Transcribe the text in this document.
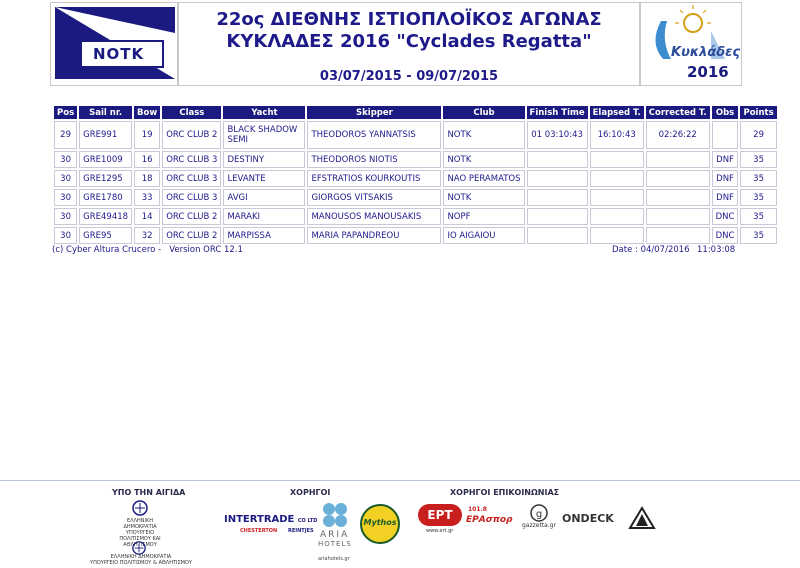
NOTK
22ος ΔΙΕΘΝΗΣ ΙΣΤΙΟΠΛΟΪΚΟΣ ΑΓΩΝΑΣ
ΚΥΚΛΑΔΕΣ 2016 "Cyclades Regatta"
03/07/2015 - 09/07/2015
Κυκλάδες
2016
Pos	Sail nr.	Bow	Class	Yacht	Skipper	Club	Finish Time	Elapsed T.	Corrected T.	Obs	Points
29	GRE991	19	ORC CLUB 2	BLACK SHADOW SEMI	THEODOROS YANNATSIS	NOTK	01 03:10:43	16:10:43	02:26:22		29
30	GRE1009	16	ORC CLUB 3	DESTINY	THEODOROS NIOTIS	NOTK				DNF	35
30	GRE1295	18	ORC CLUB 3	LEVANTE	EFSTRATIOS KOURKOUTIS	NAO PERAMATOS				DNF	35
30	GRE1780	33	ORC CLUB 3	AVGI	GIORGOS VITSAKIS	NOTK				DNF	35
30	GRE49418	14	ORC CLUB 2	MARAKI	MANOUSOS MANOUSAKIS	NOPF				DNC	35
30	GRE95	32	ORC CLUB 2	MARPISSA	MARIA PAPANDREOU	IO AIGAIOU				DNC	35
(c) Cyber Altura Crucero -   Version ORC 12.1	Date : 04/07/2016 11:03:08
ΥΠΟ ΤΗΝ ΑΙΓΙΔΑ
ΕΛΛΗΝΙΚΗ ΔΗΜΟΚΡΑΤΙΑ ΥΠΟΥΡΓΕΙΟ ΠΟΛΙΤΙΣΜΟΥ ΚΑΙ ΑΘΛΗΤΙΣΜΟΥ
ΕΛΛΗΝΙΚΗ ΔΗΜΟΚΡΑΤΙΑ
ΥΠΟΥΡΓΕΙΟ ΠΟΛΙΤΙΣΜΟΥ & ΑΘΛΗΤΙΣΜΟΥ
ΧΟΡΗΓΟΙ
INTERTRADE CO LTD
CHESTERTON REINTJES ARIA
HOTELS
ariahotels.gr
Mythos
ΧΟΡΗΓΟΙ ΕΠΙΚΟΙΝΩΝΙΑΣ
ΕΡΤ
www.ert.gr
101.8
ΕΡΑσπορ g
gazzetta.gr
ONDECK
